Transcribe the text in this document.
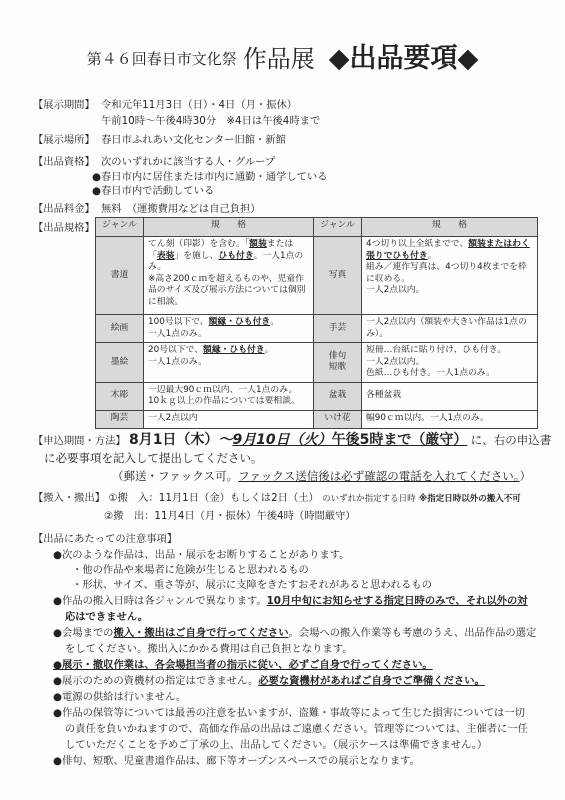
第４６回春日市文化祭 作品展 ◆出品要項◆
【展示期間】 令和元年11月3日（日）・4日（月・振休）
午前10時～午後4時30分　※4日は午後4時まで
【展示場所】 春日市ふれあい文化センター旧館・新館
【出品資格】 次のいずれかに該当する人・グループ
●春日市内に居住または市内に通勤・通学している
●春日市内で活動している
【出品料金】 無料　（運搬費用などは自己負担）
【出品規格】 ジャンル	規　　格	ジャンル	規　　格
書道	てん刻（印影）を含む。「額装または「表装」を施し、ひも付き。一人1点のみ。
※高さ200ｃｍを超えるものや、児童作品のサイズ及び展示方法については個別に相談。	写真	4つ切り以上全紙までで、額装またはわく張りでひも付き。
組み／連作写真は、4つ切り4枚までを枠に収める。
一人2点以内。
絵画	100号以下で、額縁・ひも付き。
一人1点のみ。	手芸	一人2点以内（額装や大きい作品は1点のみ）。
墨絵	20号以下で、額縁・ひも付き。
一人1点のみ。	俳句
短歌	短冊…台紙に貼り付け、ひも付き。
一人2点以内。
色紙…ひも付き。一人1点のみ。
木彫	一辺最大90ｃｍ以内、一人1点のみ。
10ｋｇ以上の作品については要相談。	盆栽	各種盆栽
陶芸	一人2点以内	いけ花	幅90ｃｍ以内。一人1点のみ。
【申込期間・方法】 8月1日（木）～9月10日（火）午後5時まで（厳守） に、右の申込書
に必要事項を記入して提出してください。
（郵送・ファックス可。ファックス送信後は必ず確認の電話を入れてください。）
【搬入・搬出】 ①搬　入：11月1日（金）もしくは2日（土） のいずれか指定する日時 ※指定日時以外の搬入不可
②搬　出：11月4日（月・振休）午後4時（時間厳守）
【出品にあたっての注意事項】
●次のような作品は、出品・展示をお断りすることがあります。
・他の作品や来場者に危険が生じると思われるもの
・形状、サイズ、重さ等が、展示に支障をきたすおそれがあると思われるもの
●作品の搬入日時は各ジャンルで異なります。10月中旬にお知らせする指定日時のみで、それ以外の対
応はできません。
●会場までの搬入・搬出はご自身で行ってください。会場への搬入作業等も考慮のうえ、出品作品の選定
をしてください。搬出入にかかる費用は自己負担となります。
●展示・撤収作業は、各会場担当者の指示に従い、必ずご自身で行ってください。
●展示のための資機材の指定はできません。必要な資機材があればご自身でご準備ください。
●電源の供給は行いません。
●作品の保管等については最善の注意を払いますが、盗難・事故等によって生じた損害については一切
の責任を負いかねますので、高価な作品の出品はご遠慮ください。管理等については、主催者に一任
していただくことを予めご了承の上、出品してください。（展示ケースは準備できません。）
●俳句、短歌、児童書道作品は、廊下等オープンスペースでの展示となります。
